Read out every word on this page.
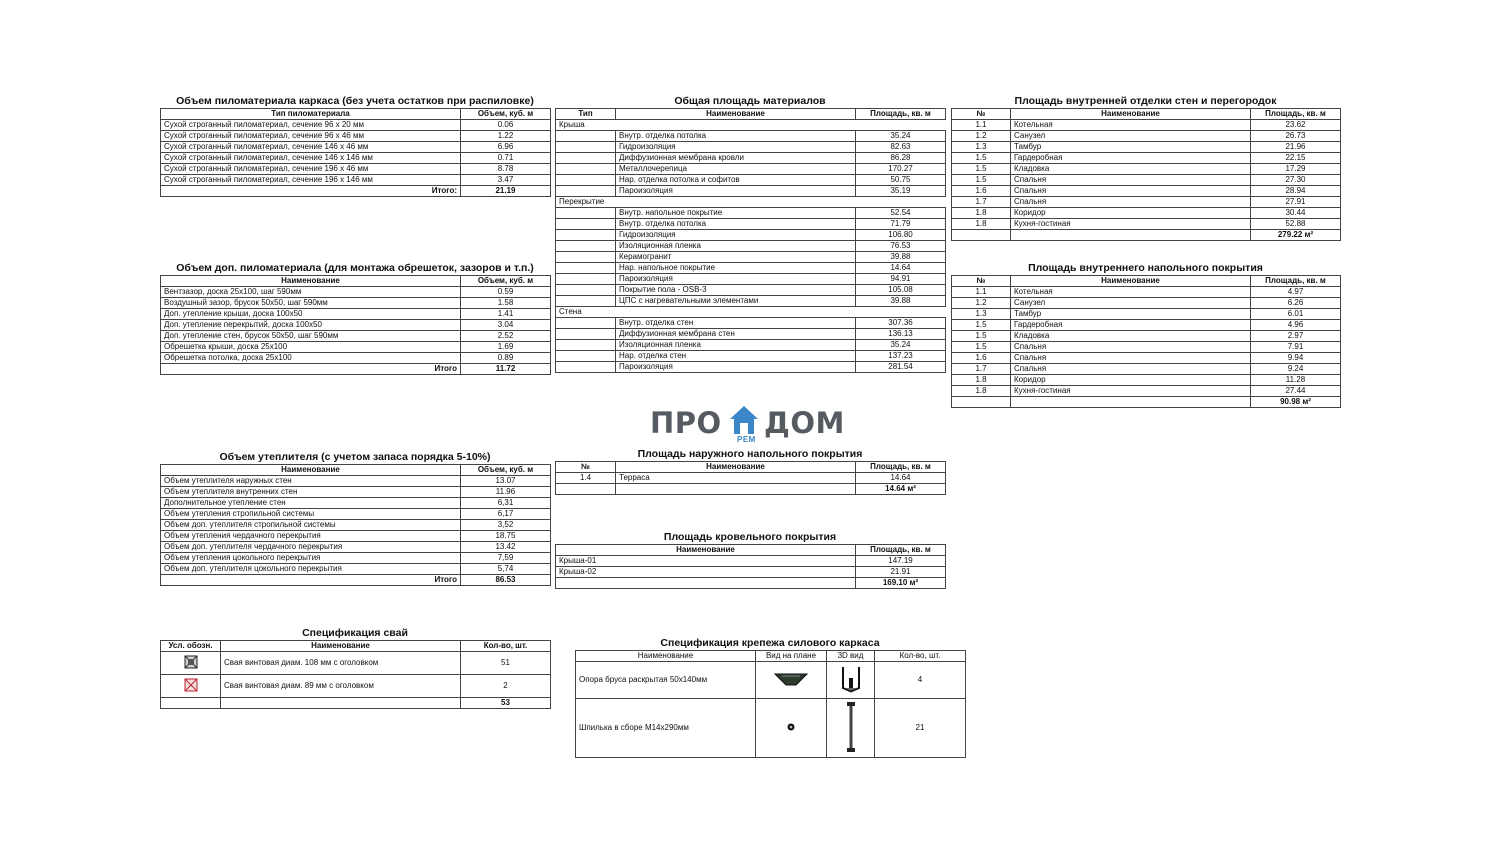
Объем пиломатериала каркаса (без учета остатков при распиловке)
Тип пиломатериала	Объем, куб. м
Сухой строганный пиломатериал, сечение 96 х 20 мм	0.06
Сухой строганный пиломатериал, сечение 96 х 46 мм	1.22
Сухой строганный пиломатериал, сечение 146 х 46 мм	6.96
Сухой строганный пиломатериал, сечение 146 х 146 мм	0.71
Сухой строганный пиломатериал, сечение 196 х 46 мм	8.78
Сухой строганный пиломатериал, сечение 196 х 146 мм	3.47
Итого:	21.19
Объем доп. пиломатериала (для монтажа обрешеток, зазоров и т.п.)
Наименование	Объем, куб. м
Вентзазор, доска 25х100, шаг 590мм	0.59
Воздушный зазор, брусок 50х50, шаг 590мм	1.58
Доп. утепление крыши, доска 100х50	1.41
Доп. утепление перекрытий, доска 100х50	3.04
Доп. утепление стен, брусок 50х50, шаг 590мм	2.52
Обрешетка крыши, доска 25х100	1.69
Обрешетка потолка, доска 25х100	0.89
Итого	11.72
Объем утеплителя (с учетом запаса порядка 5-10%)
Наименование	Объем, куб. м
Объем утеплителя наружных стен	13.07
Объем утеплителя внутренних стен	11.96
Дополнительное утепление стен	6,31
Объем утепления стропильной системы	6,17
Объем доп. утеплителя стропильной системы	3,52
Объем утепления чердачного перекрытия	18.75
Объем доп. утеплителя чердачного перекрытия	13.42
Объем утепления цокольного перекрытия	7,59
Объем доп. утеплителя цокольного перекрытия	5,74
Итого	86.53
Спецификация свай
Усл. обозн.	Наименование	Кол-во, шт.
	Свая винтовая диам. 108 мм с оголовком	51
	Свая винтовая диам. 89 мм с оголовком	2
		53
Общая площадь материалов
Тип	Наименование	Площадь, кв. м
Крыша		
	Внутр. отделка потолка	35.24
	Гидроизоляция	82.63
	Диффузионная мембрана кровли	86.28
	Металлочерепица	170.27
	Нар. отделка потолка и софитов	50.75
	Пароизоляция	35.19
Перекрытие		
	Внутр. напольное покрытие	52.54
	Внутр. отделка потолка	71.79
	Гидроизоляция	106.80
	Изоляционная пленка	76.53
	Керамогранит	39.88
	Нар. напольное покрытие	14.64
	Пароизоляция	94.91
	Покрытие пола - OSB-3	105.08
	ЦПС с нагревательными элементами	39.88
Стена		
	Внутр. отделка стен	307.36
	Диффузионная мембрана стен	136.13
	Изоляционная пленка	35.24
	Нар. отделка стен	137.23
	Пароизоляция	281.54
ПРО РЕМ ДОМ
Площадь наружного напольного покрытия
№	Наименование	Площадь, кв. м
1.4	Терраса	14.64
		14.64 м²
Площадь кровельного покрытия
Наименование	Площадь, кв. м
Крыша-01	147.19
Крыша-02	21.91
	169.10 м²
Спецификация крепежа силового каркаса
Наименование	Вид на плане	3D вид	Кол-во, шт.
Опора бруса раскрытая 50х140мм			4
Шпилька в сборе М14х290мм			21
Площадь внутренней отделки стен и перегородок
№	Наименование	Площадь, кв. м
1.1	Котельная	23.62
1.2	Санузел	26.73
1.3	Тамбур	21.96
1.5	Гардеробная	22.15
1.5	Кладовка	17.29
1.5	Спальня	27.30
1.6	Спальня	28.94
1.7	Спальня	27.91
1.8	Коридор	30.44
1.8	Кухня-гостиная	52.88
		279.22 м²
Площадь внутреннего напольного покрытия
№	Наименование	Площадь, кв. м
1.1	Котельная	4.97
1.2	Санузел	6.26
1.3	Тамбур	6.01
1.5	Гардеробная	4.96
1.5	Кладовка	2.97
1.5	Спальня	7.91
1.6	Спальня	9.94
1.7	Спальня	9.24
1.8	Коридор	11.28
1.8	Кухня-гостиная	27.44
		90.98 м²
